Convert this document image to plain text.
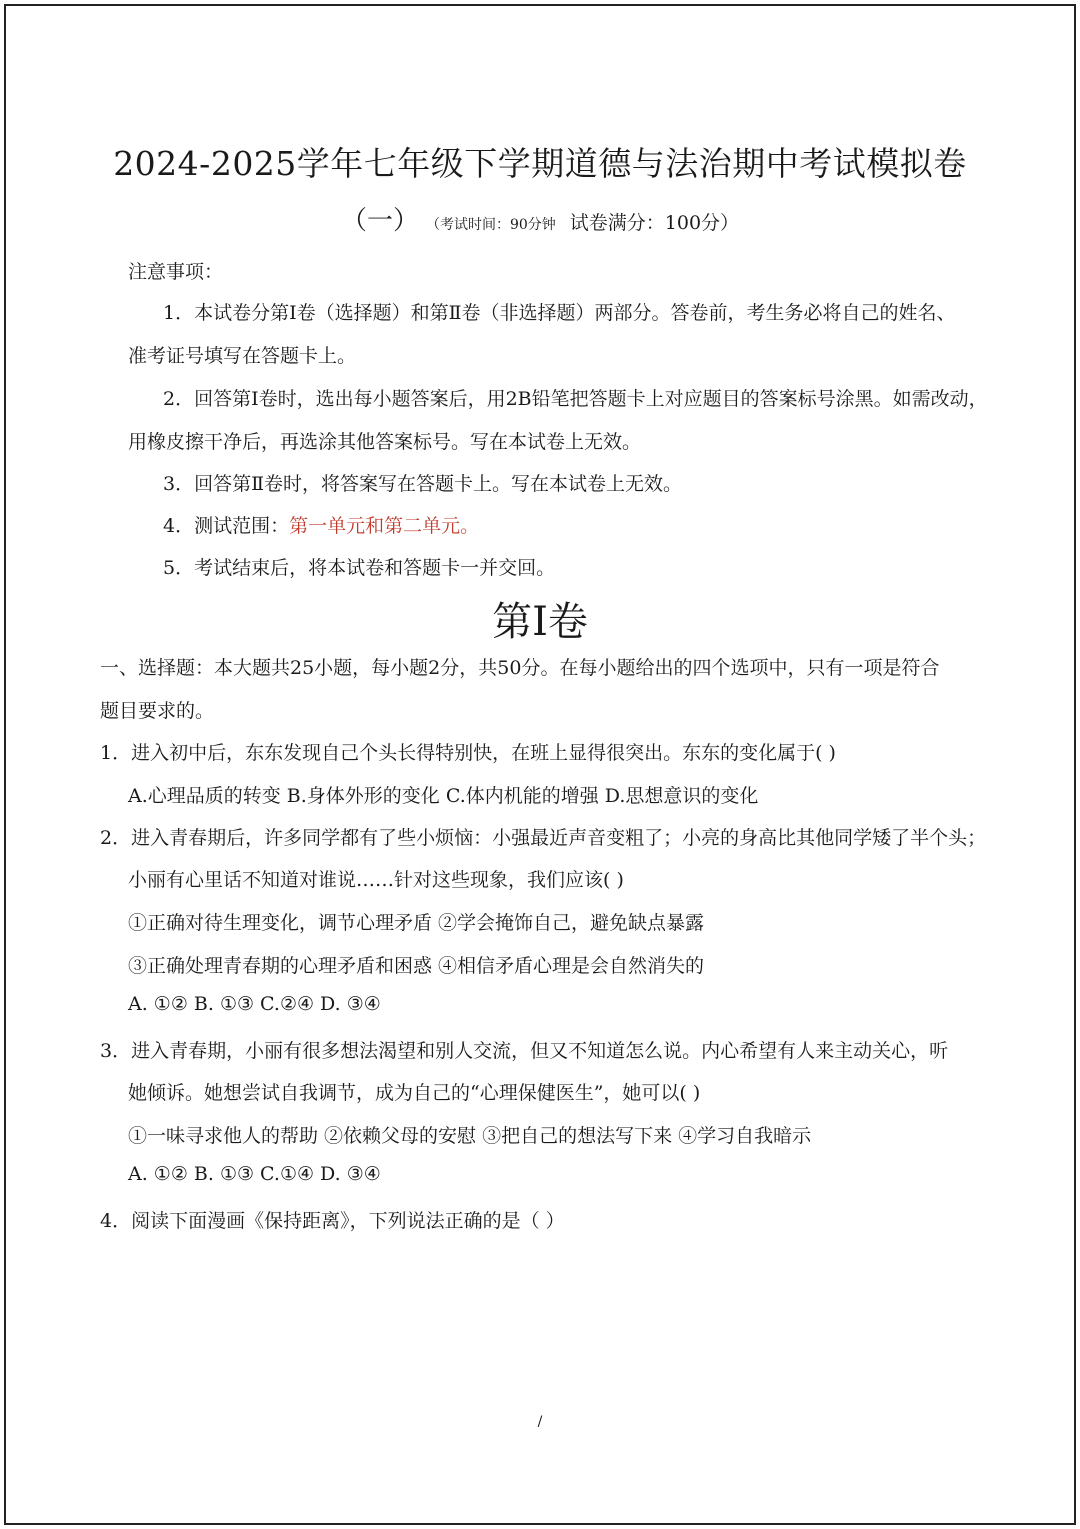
2024-2025学年七年级下学期道德与法治期中考试模拟卷
（一） （考试时间：90分钟 试卷满分：100分）
注意事项：
1．本试卷分第Ⅰ卷（选择题）和第Ⅱ卷（非选择题）两部分。答卷前，考生务必将自己的姓名、
准考证号填写在答题卡上。
2．回答第Ⅰ卷时，选出每小题答案后，用2B铅笔把答题卡上对应题目的答案标号涂黑。如需改动，
用橡皮擦干净后，再选涂其他答案标号。写在本试卷上无效。
3．回答第Ⅱ卷时，将答案写在答题卡上。写在本试卷上无效。
4．测试范围：第一单元和第二单元。
5．考试结束后，将本试卷和答题卡一并交回。
第Ⅰ卷
一、选择题：本大题共25小题，每小题2分，共50分。在每小题给出的四个选项中，只有一项是符合
题目要求的。
1．进入初中后，东东发现自己个头长得特别快，在班上显得很突出。东东的变化属于( )
A.心理品质的转变 B.身体外形的变化 C.体内机能的增强 D.思想意识的变化
2．进入青春期后，许多同学都有了些小烦恼：小强最近声音变粗了；小亮的身高比其他同学矮了半个头；
小丽有心里话不知道对谁说……针对这些现象，我们应该( )
①正确对待生理变化，调节心理矛盾 ②学会掩饰自己，避免缺点暴露
③正确处理青春期的心理矛盾和困惑 ④相信矛盾心理是会自然消失的
A. ①② B. ①③ C.②④ D. ③④
3．进入青春期，小丽有很多想法渴望和别人交流，但又不知道怎么说。内心希望有人来主动关心，听
她倾诉。她想尝试自我调节，成为自己的“心理保健医生”，她可以( )
①一味寻求他人的帮助 ②依赖父母的安慰 ③把自己的想法写下来 ④学习自我暗示
A. ①② B. ①③ C.①④ D. ③④
4．阅读下面漫画《保持距离》，下列说法正确的是（ ）
/
